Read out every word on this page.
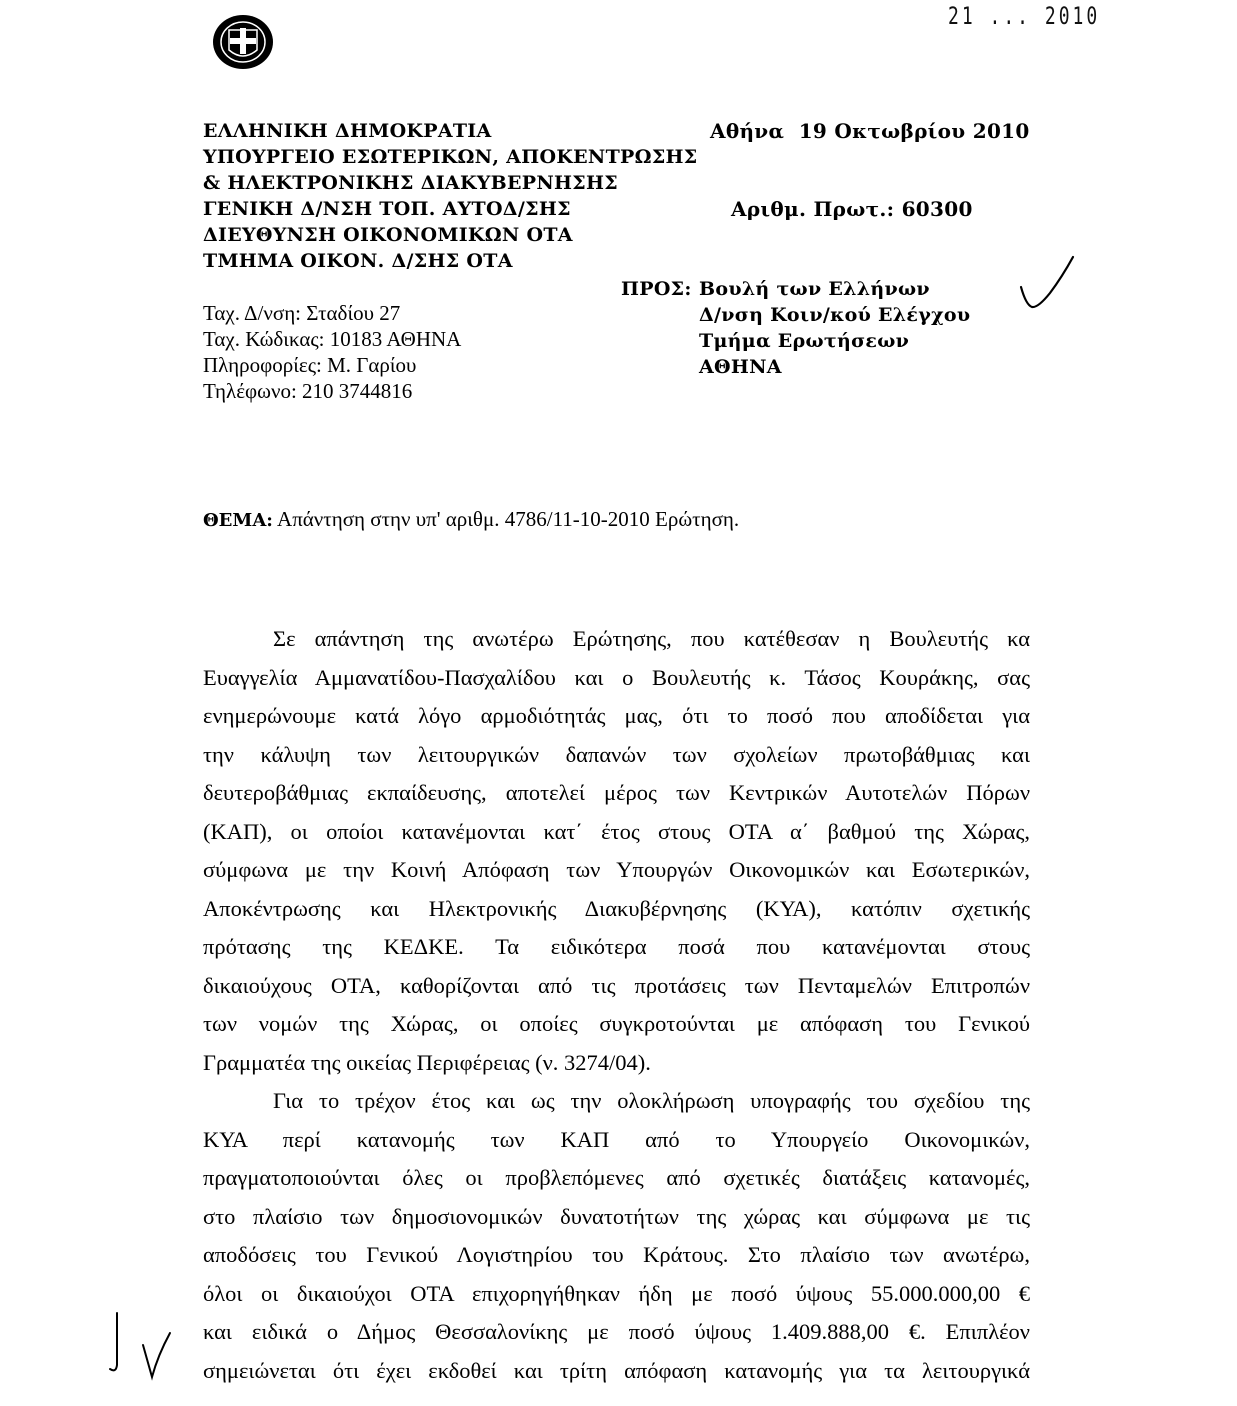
21 ... 2010
ΕΛΛΗΝΙΚΗ ΔΗΜΟΚΡΑΤΙΑ
ΥΠΟΥΡΓΕΙΟ ΕΣΩΤΕΡΙΚΩΝ, ΑΠΟΚΕΝΤΡΩΣΗΣ
& ΗΛΕΚΤΡΟΝΙΚΗΣ ΔΙΑΚΥΒΕΡΝΗΣΗΣ
ΓΕΝΙΚΗ Δ/ΝΣΗ ΤΟΠ. ΑΥΤΟΔ/ΣΗΣ
ΔΙΕΥΘΥΝΣΗ ΟΙΚΟΝΟΜΙΚΩΝ ΟΤΑ
ΤΜΗΜΑ ΟΙΚΟΝ. Δ/ΣΗΣ ΟΤΑ
Αθήνα  19 Οκτωβρίου 2010
Αριθμ. Πρωτ.: 60300
ΠΡΟΣ: Βουλή των Ελλήνων
Δ/νση Κοιν/κού Ελέγχου
Τμήμα Ερωτήσεων
ΑΘΗΝΑ
Ταχ. Δ/νση: Σταδίου 27
Ταχ. Κώδικας: 10183 ΑΘΗΝΑ
Πληροφορίες: Μ. Γαρίου
Τηλέφωνο: 210 3744816
ΘΕΜΑ: Απάντηση στην υπ' αριθμ. 4786/11-10-2010 Ερώτηση.
Σε απάντηση της ανωτέρω Ερώτησης, που κατέθεσαν η Βουλευτής κα
Ευαγγελία Αμμανατίδου-Πασχαλίδου και ο Βουλευτής κ. Τάσος Κουράκης, σας
ενημερώνουμε κατά λόγο αρμοδιότητάς μας, ότι το ποσό που αποδίδεται για
την κάλυψη των λειτουργικών δαπανών των σχολείων πρωτοβάθμιας και
δευτεροβάθμιας εκπαίδευσης, αποτελεί μέρος των Κεντρικών Αυτοτελών Πόρων
(ΚΑΠ), οι οποίοι κατανέμονται κατ΄ έτος στους ΟΤΑ α΄ βαθμού της Χώρας,
σύμφωνα με την Κοινή Απόφαση των Υπουργών Οικονομικών και Εσωτερικών,
Αποκέντρωσης και Ηλεκτρονικής Διακυβέρνησης (ΚΥΑ), κατόπιν σχετικής
πρότασης της ΚΕΔΚΕ. Τα ειδικότερα ποσά που κατανέμονται στους
δικαιούχους ΟΤΑ, καθορίζονται από τις προτάσεις των Πενταμελών Επιτροπών
των νομών της Χώρας, οι οποίες συγκροτούνται με απόφαση του Γενικού
Γραμματέα της οικείας Περιφέρειας (ν. 3274/04).
Για το τρέχον έτος και ως την ολοκλήρωση υπογραφής του σχεδίου της
ΚΥΑ περί κατανομής των ΚΑΠ από το Υπουργείο Οικονομικών,
πραγματοποιούνται όλες οι προβλεπόμενες από σχετικές διατάξεις κατανομές,
στο πλαίσιο των δημοσιονομικών δυνατοτήτων της χώρας και σύμφωνα με τις
αποδόσεις του Γενικού Λογιστηρίου του Κράτους. Στο πλαίσιο των ανωτέρω,
όλοι οι δικαιούχοι ΟΤΑ επιχορηγήθηκαν ήδη με ποσό ύψους 55.000.000,00 €
και ειδικά ο Δήμος Θεσσαλονίκης με ποσό ύψους 1.409.888,00 €. Επιπλέον
σημειώνεται ότι έχει εκδοθεί και τρίτη απόφαση κατανομής για τα λειτουργικά
